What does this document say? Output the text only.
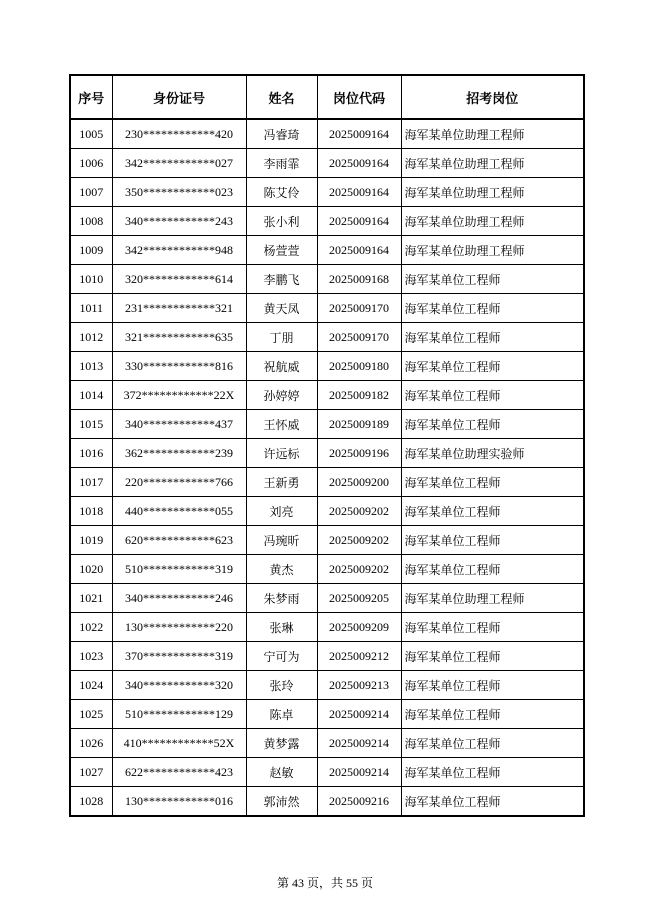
序号	身份证号	姓名	岗位代码	招考岗位
1005	230************420	冯睿琦	2025009164	海军某单位助理工程师
1006	342************027	李雨霏	2025009164	海军某单位助理工程师
1007	350************023	陈艾伶	2025009164	海军某单位助理工程师
1008	340************243	张小利	2025009164	海军某单位助理工程师
1009	342************948	杨萱萱	2025009164	海军某单位助理工程师
1010	320************614	李鹏飞	2025009168	海军某单位工程师
1011	231************321	黄天凤	2025009170	海军某单位工程师
1012	321************635	丁朋	2025009170	海军某单位工程师
1013	330************816	祝航威	2025009180	海军某单位工程师
1014	372************22X	孙婷婷	2025009182	海军某单位工程师
1015	340************437	王怀威	2025009189	海军某单位工程师
1016	362************239	许远标	2025009196	海军某单位助理实验师
1017	220************766	王新勇	2025009200	海军某单位工程师
1018	440************055	刘亮	2025009202	海军某单位工程师
1019	620************623	冯琬昕	2025009202	海军某单位工程师
1020	510************319	黄杰	2025009202	海军某单位工程师
1021	340************246	朱梦雨	2025009205	海军某单位助理工程师
1022	130************220	张琳	2025009209	海军某单位工程师
1023	370************319	宁可为	2025009212	海军某单位工程师
1024	340************320	张玲	2025009213	海军某单位工程师
1025	510************129	陈卓	2025009214	海军某单位工程师
1026	410************52X	黄梦露	2025009214	海军某单位工程师
1027	622************423	赵敏	2025009214	海军某单位工程师
1028	130************016	郭沛然	2025009216	海军某单位工程师
第 43 页，共 55 页
